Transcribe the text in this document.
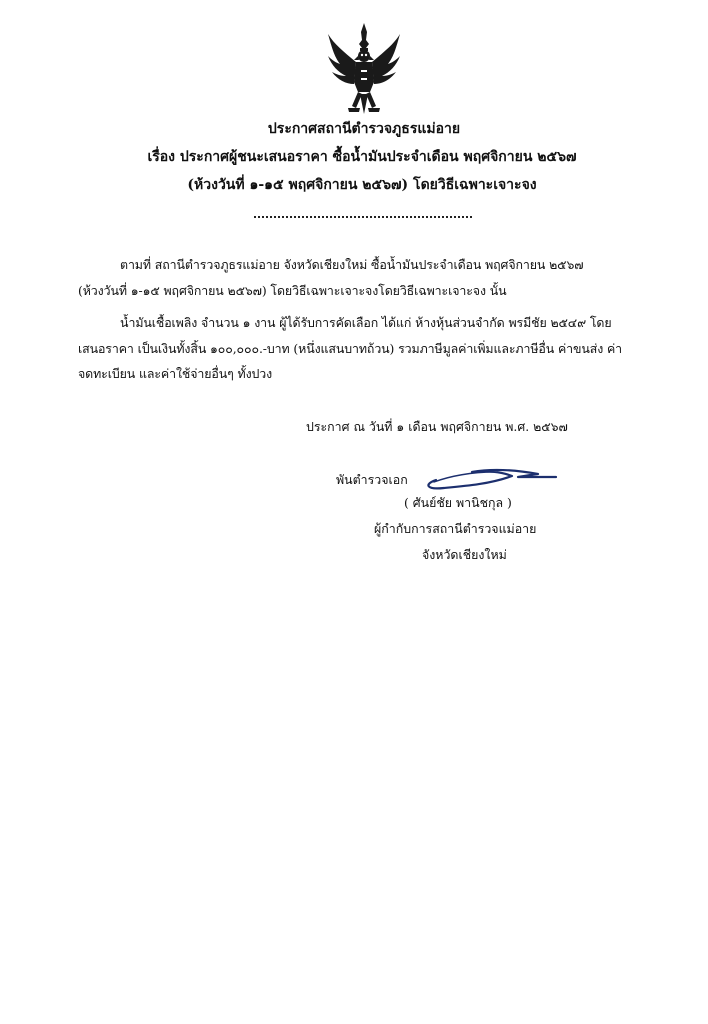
ประกาศสถานีตำรวจภูธรแม่อาย
เรื่อง ประกาศผู้ชนะเสนอราคา ซื้อน้ำมันประจำเดือน พฤศจิกายน ๒๕๖๗
(ห้วงวันที่ ๑-๑๕ พฤศจิกายน ๒๕๖๗) โดยวิธีเฉพาะเจาะจง
ตามที่ สถานีตำรวจภูธรแม่อาย จังหวัดเชียงใหม่ ซื้อน้ำมันประจำเดือน พฤศจิกายน ๒๕๖๗
(ห้วงวันที่ ๑-๑๕ พฤศจิกายน ๒๕๖๗) โดยวิธีเฉพาะเจาะจงโดยวิธีเฉพาะเจาะจง นั้น
น้ำมันเชื้อเพลิง จำนวน ๑ งาน ผู้ได้รับการคัดเลือก ได้แก่ ห้างหุ้นส่วนจำกัด พรมีชัย ๒๕๔๙ โดย
เสนอราคา เป็นเงินทั้งสิ้น ๑๐๐,๐๐๐.-บาท (หนึ่งแสนบาทถ้วน) รวมภาษีมูลค่าเพิ่มและภาษีอื่น ค่าขนส่ง ค่า
จดทะเบียน และค่าใช้จ่ายอื่นๆ ทั้งปวง
ประกาศ ณ วันที่ ๑ เดือน พฤศจิกายน พ.ศ. ๒๕๖๗
พันตำรวจเอก
( ศันย์ชัย พานิชกุล )
ผู้กำกับการสถานีตำรวจแม่อาย
จังหวัดเชียงใหม่
